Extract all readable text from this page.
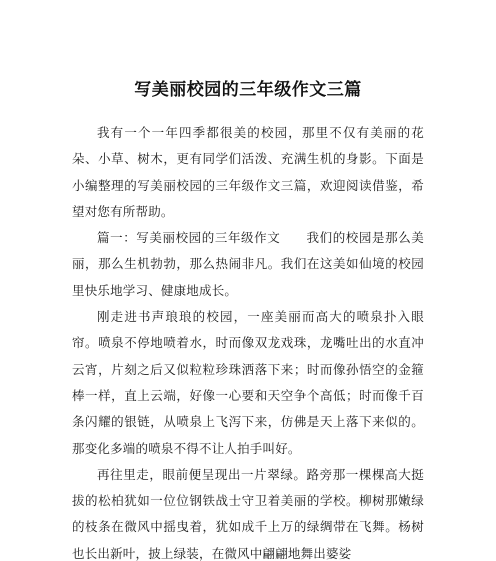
写美丽校园的三年级作文三篇

我有一个一年四季都很美的校园，那里不仅有美丽的花朵、小草、树木，更有同学们活泼、充满生机的身影。下面是小编整理的写美丽校园的三年级作文三篇，欢迎阅读借鉴，希望对您有所帮助。

篇一：写美丽校园的三年级作文　　我们的校园是那么美丽，那么生机勃勃，那么热闹非凡。我们在这美如仙境的校园里快乐地学习、健康地成长。

刚走进书声琅琅的校园，一座美丽而高大的喷泉扑入眼帘。喷泉不停地喷着水，时而像双龙戏珠，龙嘴吐出的水直冲云宵，片刻之后又似粒粒珍珠洒落下来；时而像孙悟空的金箍棒一样，直上云端，好像一心要和天空争个高低；时而像千百条闪耀的银链，从喷泉上飞泻下来，仿佛是天上落下来似的。那变化多端的喷泉不得不让人拍手叫好。

再往里走，眼前便呈现出一片翠绿。路旁那一棵棵高大挺拔的松柏犹如一位位钢铁战士守卫着美丽的学校。柳树那嫩绿的枝条在微风中摇曳着，犹如成千上万的绿绸带在飞舞。杨树也长出新叶，披上绿装，在微风中翩翩地舞出婆娑
